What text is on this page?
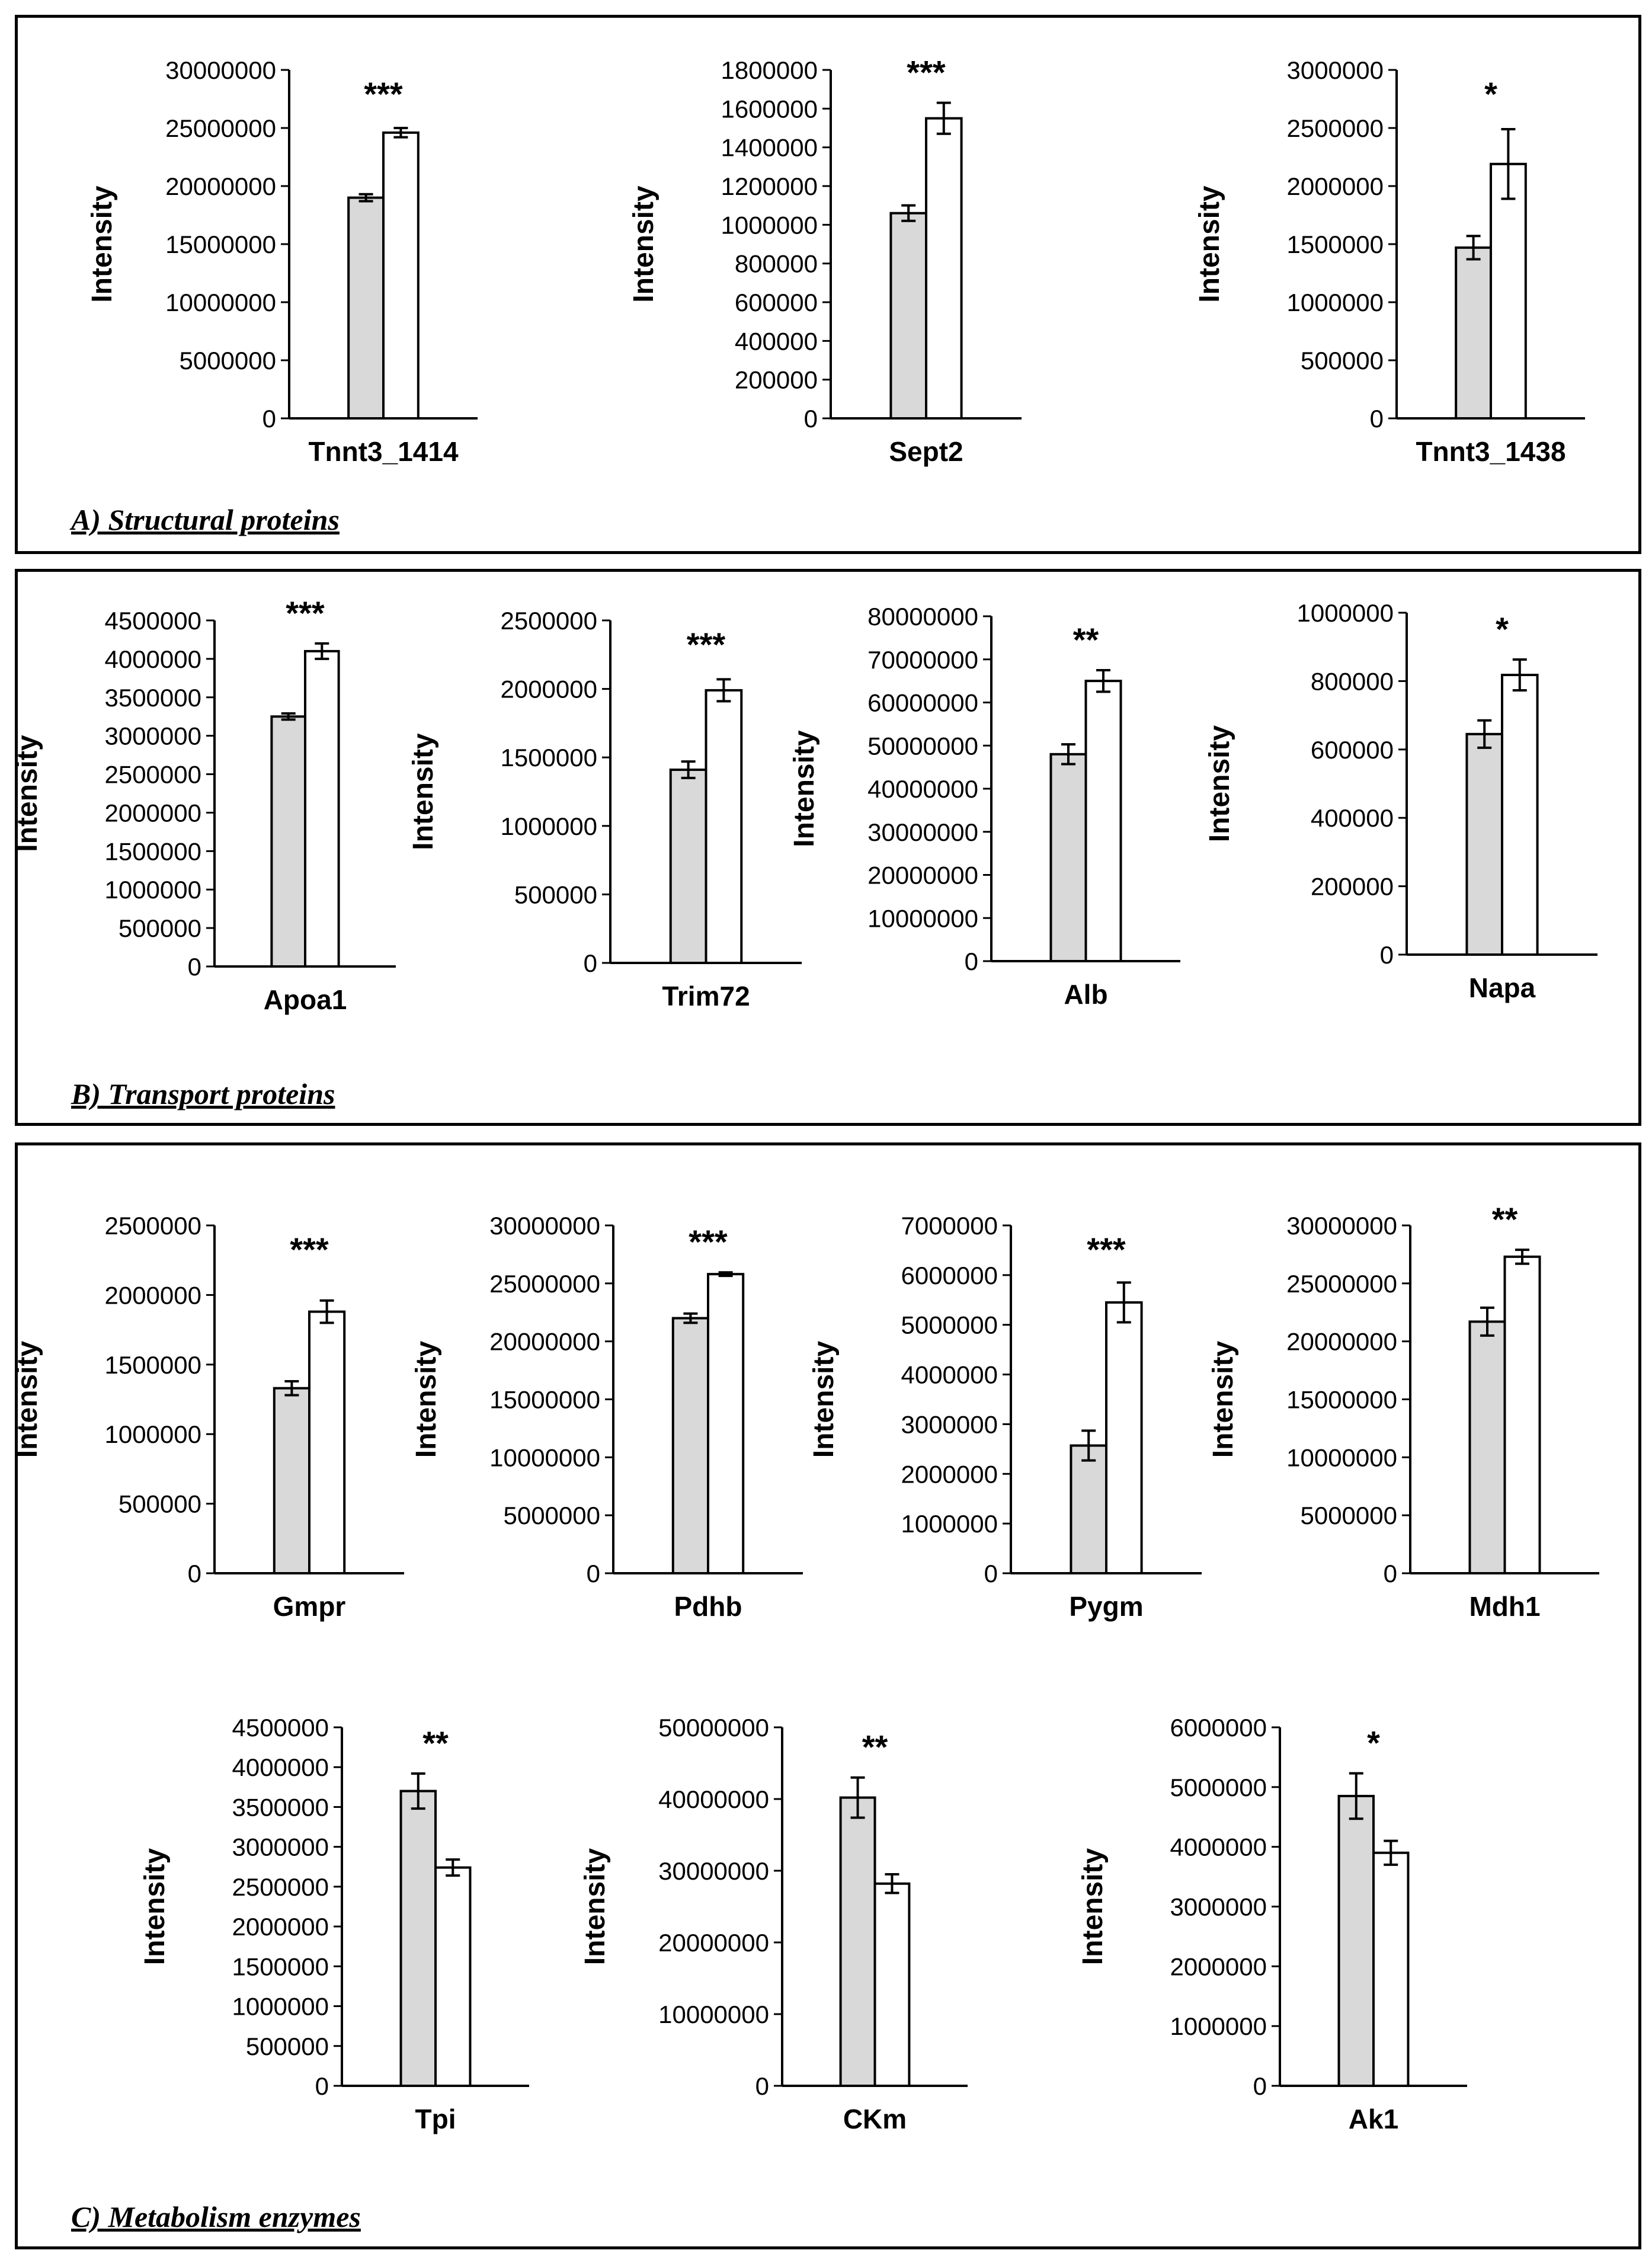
A) Structural proteins
B) Transport proteins
C) Metabolism enzymes
0
5000000
10000000
15000000
20000000
25000000
30000000
***
Tnnt3_1414
Intensity
0
200000
400000
600000
800000
1000000
1200000
1400000
1600000
1800000	***
Sept2
Intensity
0
500000
1000000
1500000
2000000
2500000
3000000
*
Tnnt3_1438
Intensity
0
500000
1000000
1500000
2000000
2500000
3000000
3500000
4000000
4500000	***
Apoa1
Intensity
0
500000
1000000
1500000
2000000
2500000
***
Trim72
Intensity
0
10000000
20000000
30000000
40000000
50000000
60000000
70000000
80000000
**
Alb
Intensity
0
200000
400000
600000
800000
1000000	*
Napa
Intensity
0
500000
1000000
1500000
2000000
2500000
***
Gmpr
Intensity
0
5000000
10000000
15000000
20000000
25000000
30000000	***
Pdhb
Intensity
0
1000000
2000000
3000000
4000000
5000000
6000000
7000000
***
Pygm
Intensity
0
5000000
10000000
15000000
20000000
25000000
30000000	**
Mdh1
Intensity
0
500000
1000000
1500000
2000000
2500000
3000000
3500000
4000000
4500000	**
Tpi
Intensity
0
10000000
20000000
30000000
40000000
50000000
**
CKm
Intensity
0
1000000
2000000
3000000
4000000
5000000
6000000	*
Ak1
Intensity
